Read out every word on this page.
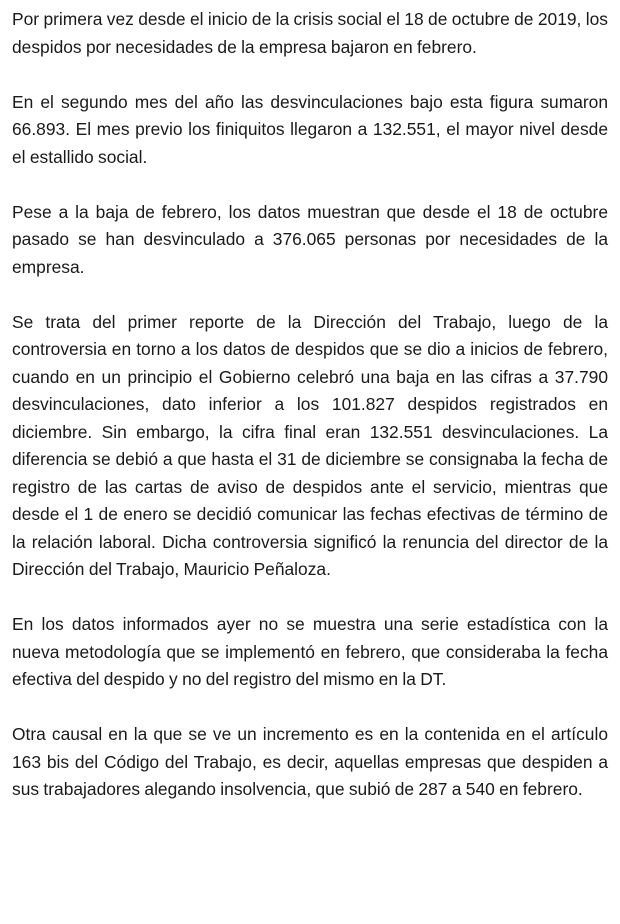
Por primera vez desde el inicio de la crisis social el 18 de octubre de 2019, los despidos por necesidades de la empresa bajaron en febrero.

En el segundo mes del año las desvinculaciones bajo esta figura sumaron 66.893. El mes previo los finiquitos llegaron a 132.551, el mayor nivel desde el estallido social.

Pese a la baja de febrero, los datos muestran que desde el 18 de octubre pasado se han desvinculado a 376.065 personas por necesidades de la empresa.

Se trata del primer reporte de la Dirección del Trabajo, luego de la controversia en torno a los datos de despidos que se dio a inicios de febrero, cuando en un principio el Gobierno celebró una baja en las cifras a 37.790 desvinculaciones, dato inferior a los 101.827 despidos registrados en diciembre. Sin embargo, la cifra final eran 132.551 desvinculaciones. La diferencia se debió a que hasta el 31 de diciembre se consignaba la fecha de registro de las cartas de aviso de despidos ante el servicio, mientras que desde el 1 de enero se decidió comunicar las fechas efectivas de término de la relación laboral. Dicha controversia significó la renuncia del director de la Dirección del Trabajo, Mauricio Peñaloza.

En los datos informados ayer no se muestra una serie estadística con la nueva metodología que se implementó en febrero, que consideraba la fecha efectiva del despido y no del registro del mismo en la DT.

Otra causal en la que se ve un incremento es en la contenida en el artículo 163 bis del Código del Trabajo, es decir, aquellas empresas que despiden a sus trabajadores alegando insolvencia, que subió de 287 a 540 en febrero.
